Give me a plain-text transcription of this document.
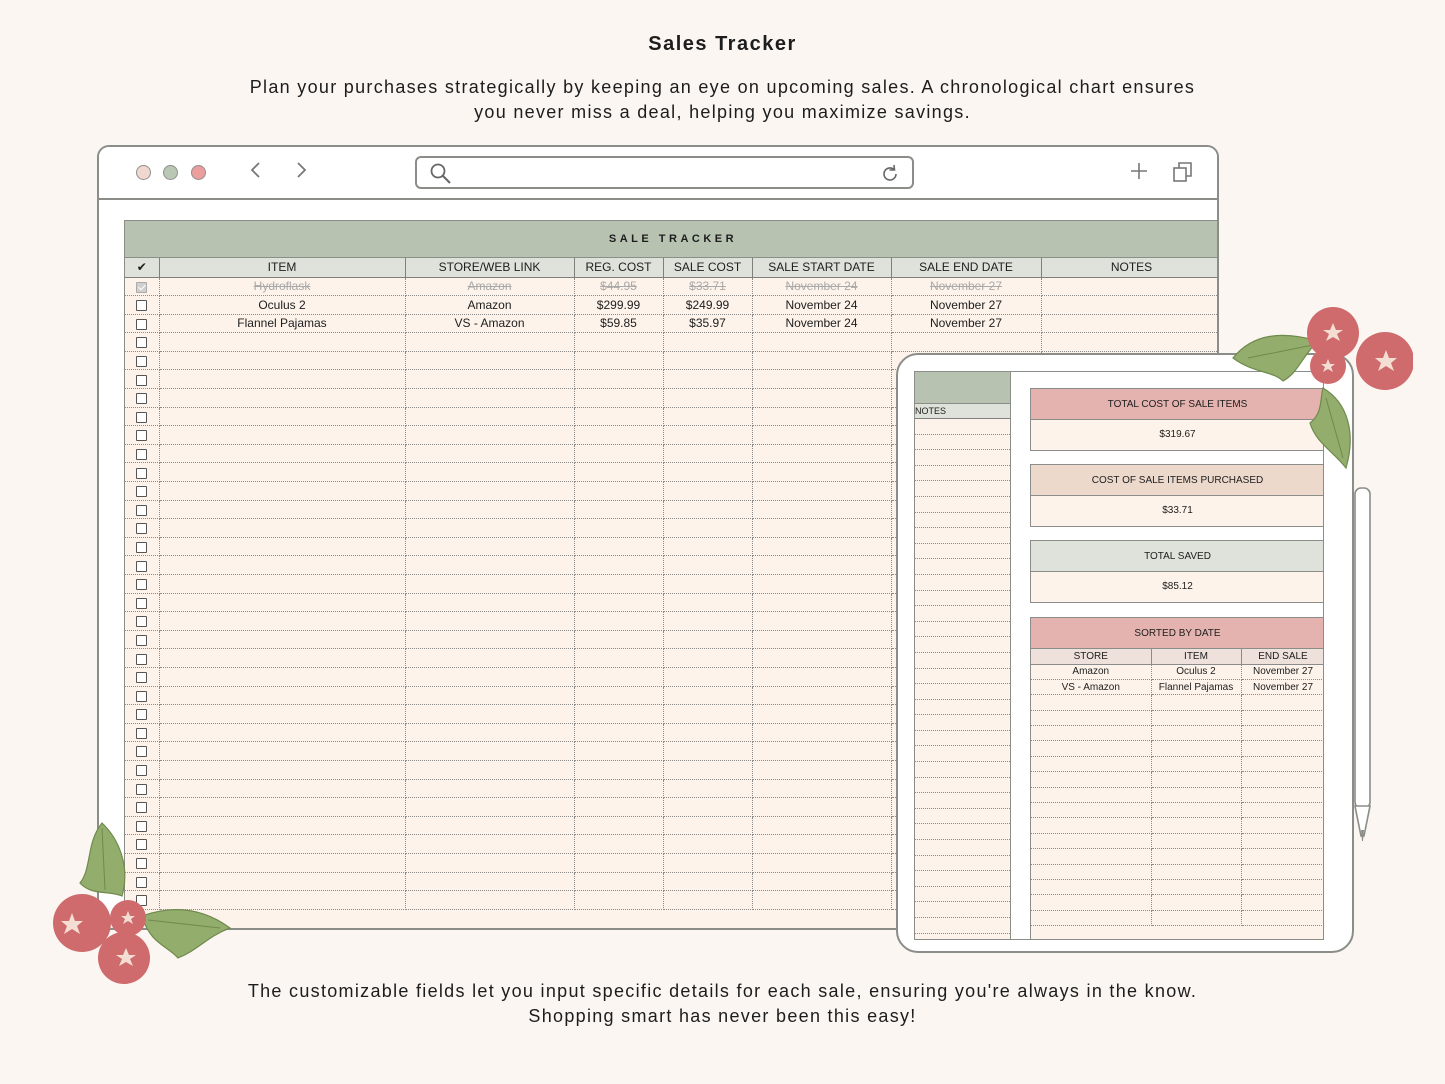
Sales Tracker
Plan your purchases strategically by keeping an eye on upcoming sales. A chronological chart ensures
you never miss a deal, helping you maximize savings.
SALE TRACKER
✔	ITEM	STORE/WEB LINK	REG. COST	SALE COST	SALE START DATE	SALE END DATE	NOTES
	Hydroflask	Amazon	$44.95	$33.71	November 24	November 27	
	Oculus 2	Amazon	$299.99	$249.99	November 24	November 27	
	Flannel Pajamas	VS - Amazon	$59.85	$35.97	November 24	November 27	

NOTES
TOTAL COST OF SALE ITEMS
$319.67
COST OF SALE ITEMS PURCHASED
$33.71
TOTAL SAVED
$85.12
SORTED BY DATE
STORE	ITEM	END SALE
Amazon	Oculus 2	November 27
VS - Amazon	Flannel Pajamas	November 27

The customizable fields let you input specific details for each sale, ensuring you're always in the know.
Shopping smart has never been this easy!
